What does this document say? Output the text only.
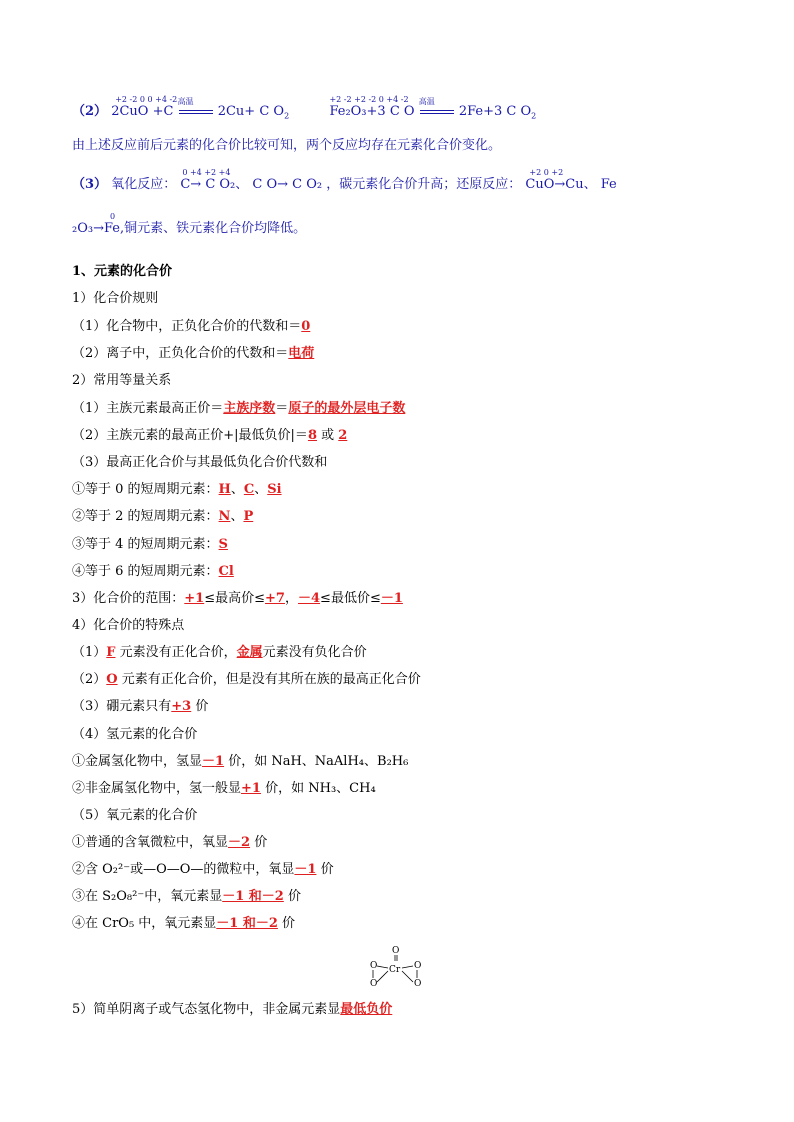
（2）
+2 -2 0 0 +4 -2
2CuO +C
高温
2Cu+ C $O_2$
+2 -2 +2 -2 0 +4 -2
Fe₂O₃+3 C O
高温
2Fe+3 C $O_2$
由上述反应前后元素的化合价比较可知，两个反应均存在元素化合价变化。
（3） 氧化反应：
0 +4 +2 +4
C→ C O₂、 C O→ C O₂ ，碳元素化合价升高；还原反应：
+2 0 +2
CuO→Cu、 Fe
0
₂O₃→Fe,铜元素、铁元素化合价均降低。
1、元素的化合价
1）化合价规则
（1）化合物中，正负化合价的代数和＝0
（2）离子中，正负化合价的代数和＝电荷
2）常用等量关系
（1）主族元素最高正价＝主族序数＝原子的最外层电子数
（2）主族元素的最高正价+|最低负价|＝8 或 2
（3）最高正化合价与其最低负化合价代数和
①等于 0 的短周期元素：H、C、Si
②等于 2 的短周期元素：N、P
③等于 4 的短周期元素：S
④等于 6 的短周期元素：Cl
3）化合价的范围：+1≤最高价≤+7，－4≤最低价≤－1
4）化合价的特殊点
（1）F 元素没有正化合价，金属元素没有负化合价
（2）O 元素有正化合价，但是没有其所在族的最高正化合价
（3）硼元素只有+3 价
（4）氢元素的化合价
①金属氢化物中，氢显－1 价，如 NaH、NaAlH₄、B₂H₆
②非金属氢化物中，氢一般显+1 价，如 NH₃、CH₄
（5）氧元素的化合价
①普通的含氧微粒中，氧显－2 价
②含 O₂²⁻或—O—O—的微粒中，氧显－1 价
③在 S₂O₈²⁻中，氧元素显－1 和－2 价
④在 CrO₅ 中，氧元素显－1 和－2 价
O
Cr
O
O
O
O
5）简单阴离子或气态氢化物中，非金属元素显最低负价
